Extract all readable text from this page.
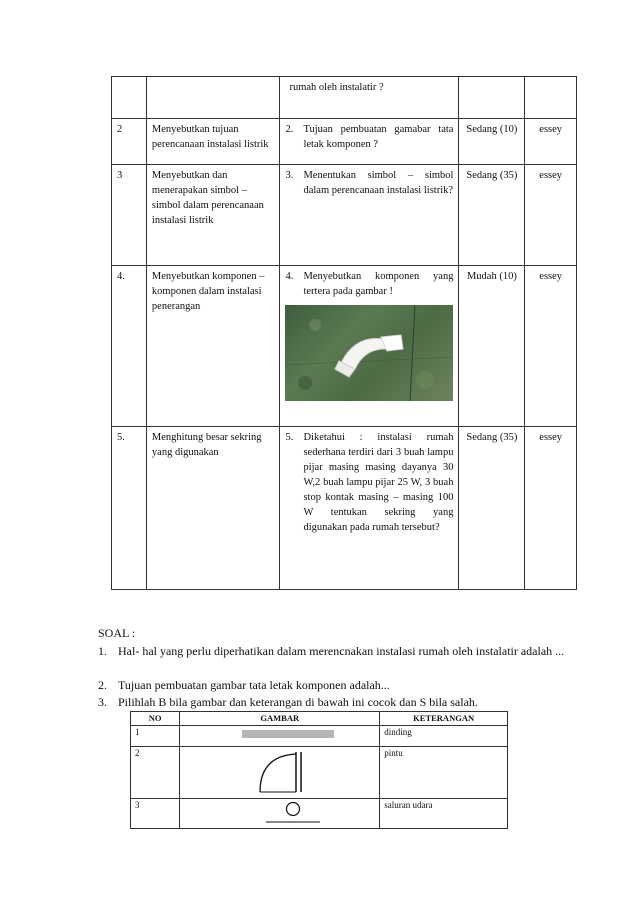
		rumah oleh instalatir ?		

2	Menyebutkan tujuan perencanaan instalasi listrik	2. Tujuan pembuatan gamabar tata letak komponen ?	Sedang (10)	essey
3	Menyebutkan dan menerapakan simbol – simbol dalam perencanaan instalasi listrik	3. Menentukan simbol – simbol dalam perencanaan instalasi listrik?	Sedang (35)	essey
4.	Menyebutkan komponen – komponen dalam instalasi penerangan	4. Menyebutkan komponen yang tertera pada gambar !	Mudah (10)	essey
5.	Menghitung besar sekring yang digunakan	5. Diketahui : instalasi rumah sederhana terdiri dari 3 buah lampu pijar masing masing dayanya 30 W,2 buah lampu pijar 25 W, 3 buah stop kontak masing – masing 100 W tentukan sekring yang digunakan pada rumah tersebut?	Sedang (35)	essey
SOAL :
1. Hal- hal yang perlu diperhatikan dalam merencnakan instalasi rumah oleh instalatir adalah ...
2. Tujuan pembuatan gambar tata letak komponen adalah...
3. Pilihlah B bila gambar dan keterangan di bawah ini cocok dan S bila salah.
NO	GAMBAR	KETERANGAN
1		dinding
2		pintu
3		saluran udara
